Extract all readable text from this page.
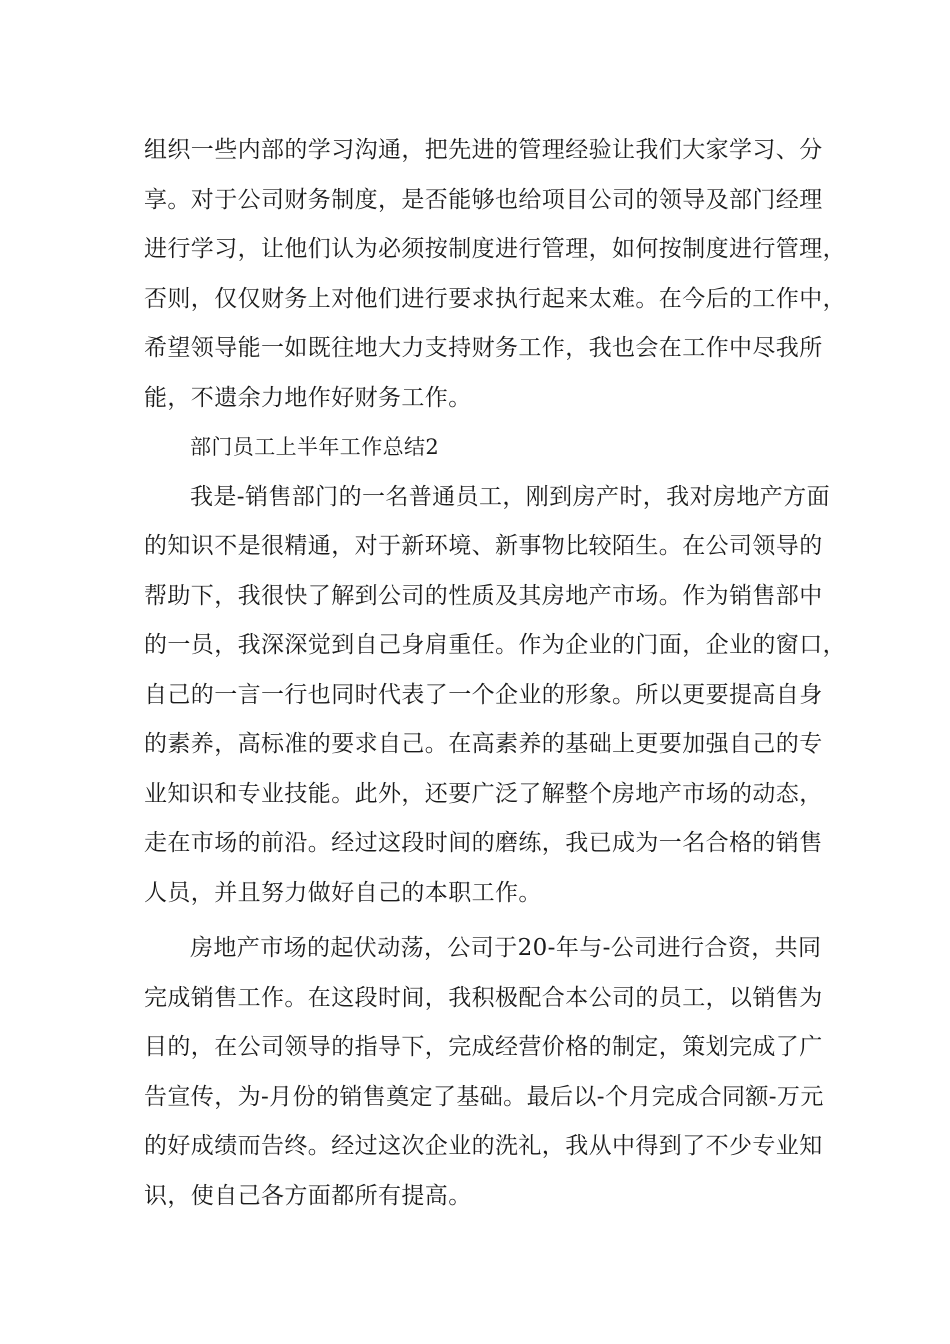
组织一些内部的学习沟通，把先进的管理经验让我们大家学习、分
享。对于公司财务制度，是否能够也给项目公司的领导及部门经理
进行学习，让他们认为必须按制度进行管理，如何按制度进行管理，
否则，仅仅财务上对他们进行要求执行起来太难。在今后的工作中，
希望领导能一如既往地大力支持财务工作，我也会在工作中尽我所
能，不遗余力地作好财务工作。
部门员工上半年工作总结2
我是-销售部门的一名普通员工，刚到房产时，我对房地产方面
的知识不是很精通，对于新环境、新事物比较陌生。在公司领导的
帮助下，我很快了解到公司的性质及其房地产市场。作为销售部中
的一员，我深深觉到自己身肩重任。作为企业的门面，企业的窗口，
自己的一言一行也同时代表了一个企业的形象。所以更要提高自身
的素养，高标准的要求自己。在高素养的基础上更要加强自己的专
业知识和专业技能。此外，还要广泛了解整个房地产市场的动态，
走在市场的前沿。经过这段时间的磨练，我已成为一名合格的销售
人员，并且努力做好自己的本职工作。
房地产市场的起伏动荡，公司于20-年与-公司进行合资，共同
完成销售工作。在这段时间，我积极配合本公司的员工，以销售为
目的，在公司领导的指导下，完成经营价格的制定，策划完成了广
告宣传，为-月份的销售奠定了基础。最后以-个月完成合同额-万元
的好成绩而告终。经过这次企业的洗礼，我从中得到了不少专业知
识，使自己各方面都所有提高。
